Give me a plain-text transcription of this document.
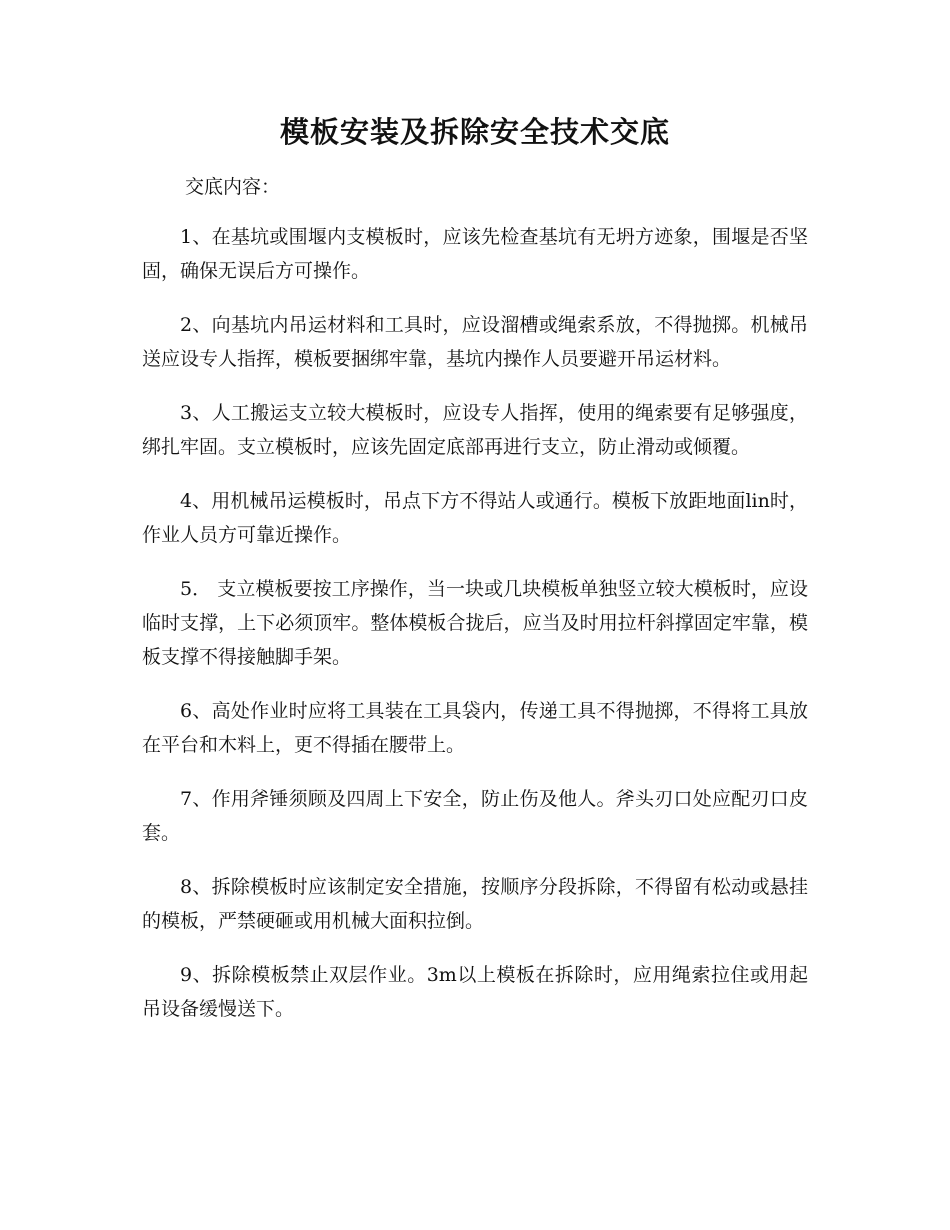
模板安装及拆除安全技术交底

交底内容：

1、在基坑或围堰内支模板时，应该先检查基坑有无坍方迹象，围堰是否坚固，确保无误后方可操作。

2、向基坑内吊运材料和工具时，应设溜槽或绳索系放，不得抛掷。机械吊送应设专人指挥，模板要捆绑牢靠，基坑内操作人员要避开吊运材料。

3、人工搬运支立较大模板时，应设专人指挥，使用的绳索要有足够强度，绑扎牢固。支立模板时，应该先固定底部再进行支立，防止滑动或倾覆。

4、用机械吊运模板时，吊点下方不得站人或通行。模板下放距地面lin时，作业人员方可靠近操作。

5． 支立模板要按工序操作，当一块或几块模板单独竖立较大模板时，应设临时支撑，上下必须顶牢。整体模板合拢后，应当及时用拉杆斜撑固定牢靠，模板支撑不得接触脚手架。

6、高处作业时应将工具装在工具袋内，传递工具不得抛掷，不得将工具放在平台和木料上，更不得插在腰带上。

7、作用斧锤须顾及四周上下安全，防止伤及他人。斧头刃口处应配刃口皮套。

8、拆除模板时应该制定安全措施，按顺序分段拆除，不得留有松动或悬挂的模板，严禁硬砸或用机械大面积拉倒。

9、拆除模板禁止双层作业。3m以上模板在拆除时，应用绳索拉住或用起吊设备缓慢送下。
